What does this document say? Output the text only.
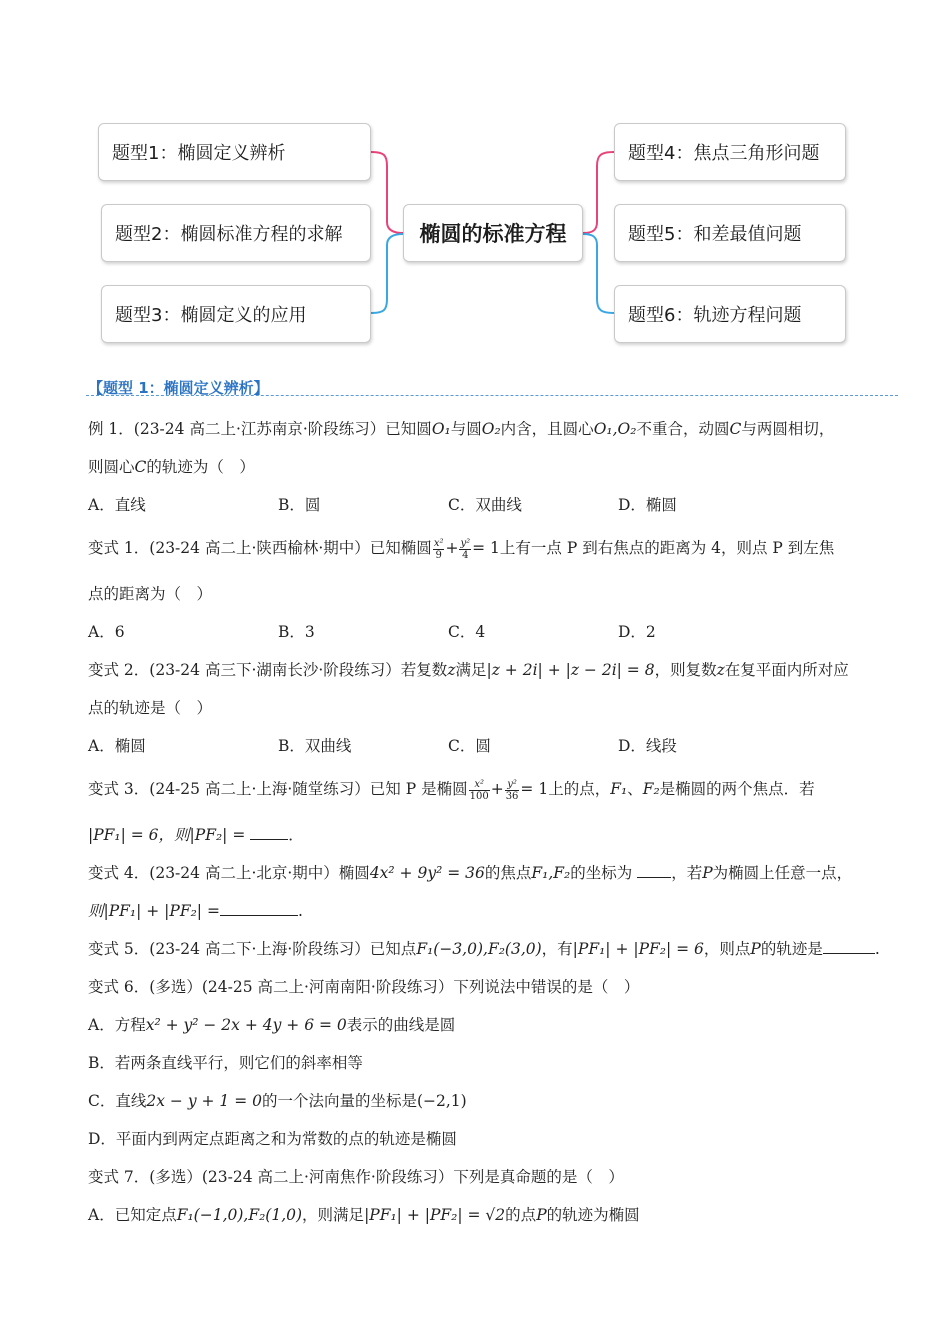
题型1：椭圆定义辨析
题型2：椭圆标准方程的求解
题型3：椭圆定义的应用
椭圆的标准方程
题型4：焦点三角形问题
题型5：和差最值问题
题型6：轨迹方程问题
【题型 1：椭圆定义辨析】
例 1．(23-24 高二上·江苏南京·阶段练习）已知圆O₁与圆O₂内含，且圆心O₁,O₂不重合，动圆C与两圆相切，
则圆心C的轨迹为（　）
A．直线	B．圆	C．双曲线	D．椭圆
变式 1．(23-24 高二上·陕西榆林·期中）已知椭圆 $\frac{\text{x²}}{9} + \frac{\text{y²}}{4} = 1$上有一点 P 到右焦点的距离为 4，则点 P 到左焦
点的距离为（　）
A．6	B．3	C．4	D．2
变式 2．(23-24 高三下·湖南长沙·阶段练习）若复数z满足|z + 2i| + |z − 2i| = 8，则复数z在复平面内所对应
点的轨迹是（　）
A．椭圆	B．双曲线	C．圆	D．线段
变式 3．(24-25 高二上·上海·随堂练习）已知 P 是椭圆 $\frac{\text{x²}}{100} + \frac{\text{y²}}{36} = 1$上的点，F₁、F₂是椭圆的两个焦点．若
|PF₁| = 6，则|PF₂| =	．
变式 4．(23-24 高二上·北京·期中）椭圆4x² + 9y² = 36的焦点F₁,F₂的坐标为	，若P为椭圆上任意一点，
则|PF₁| + |PF₂| =	.
变式 5．(23-24 高二下·上海·阶段练习）已知点F₁(−3,0),F₂(3,0)，有|PF₁| + |PF₂| = 6，则点P的轨迹是	.
变式 6．(多选）(24-25 高二上·河南南阳·阶段练习）下列说法中错误的是（　）
A．方程x² + y² − 2x + 4y + 6 = 0表示的曲线是圆
B．若两条直线平行，则它们的斜率相等
C．直线2x − y + 1 = 0的一个法向量的坐标是(−2,1)
D．平面内到两定点距离之和为常数的点的轨迹是椭圆
变式 7．(多选）(23-24 高二上·河南焦作·阶段练习）下列是真命题的是（　）
A．已知定点F₁(−1,0),F₂(1,0)，则满足|PF₁| + |PF₂| = √2的点P的轨迹为椭圆
